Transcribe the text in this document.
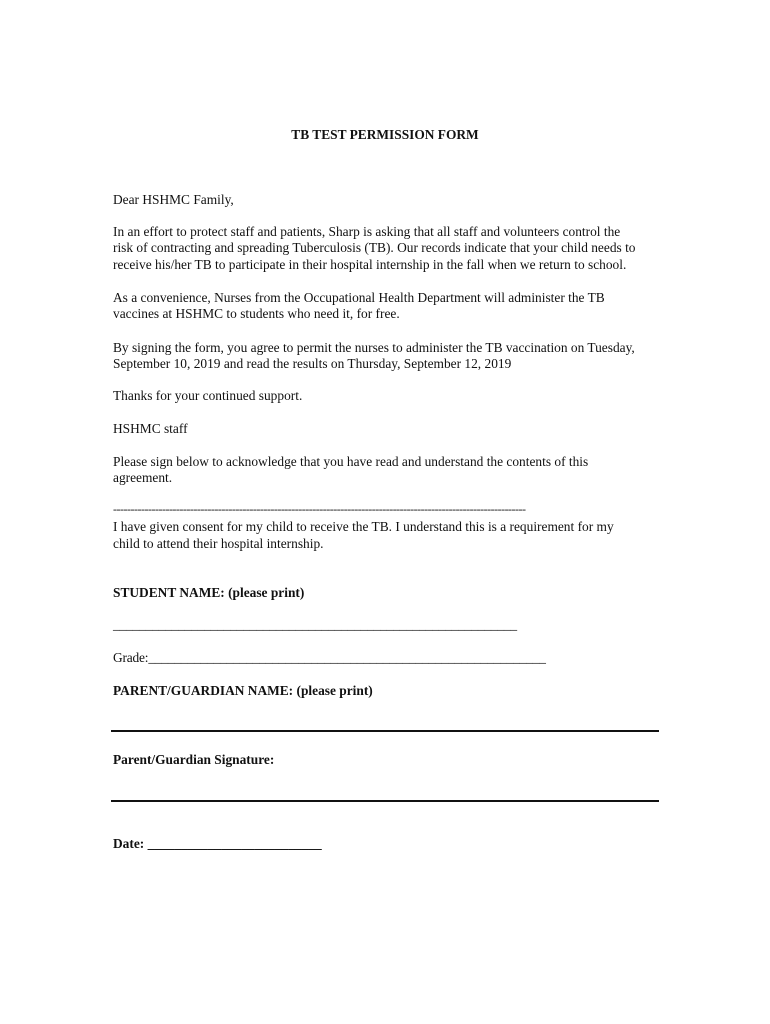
TB TEST PERMISSION FORM
Dear HSHMC Family,
In an effort to protect staff and patients, Sharp is asking that all staff and volunteers control the
risk of contracting and spreading Tuberculosis (TB). Our records indicate that your child needs to
receive his/her TB to participate in their hospital internship in the fall when we return to school.
As a convenience, Nurses from the Occupational Health Department will administer the TB
vaccines at HSHMC to students who need it, for free.
By signing the form, you agree to permit the nurses to administer the TB vaccination on Tuesday,
September 10, 2019 and read the results on Thursday, September 12, 2019
Thanks for your continued support.
HSHMC staff
Please sign below to acknowledge that you have read and understand the contents of this
agreement.
----------------------------------------------------------------------------------------------------------------------
I have given consent for my child to receive the TB. I understand this is a requirement for my
child to attend their hospital internship.
STUDENT NAME: (please print)
______________________________________________________________
Grade:_____________________________________________________________
PARENT/GUARDIAN NAME: (please print)
Parent/Guardian Signature:
Date: __________________________
